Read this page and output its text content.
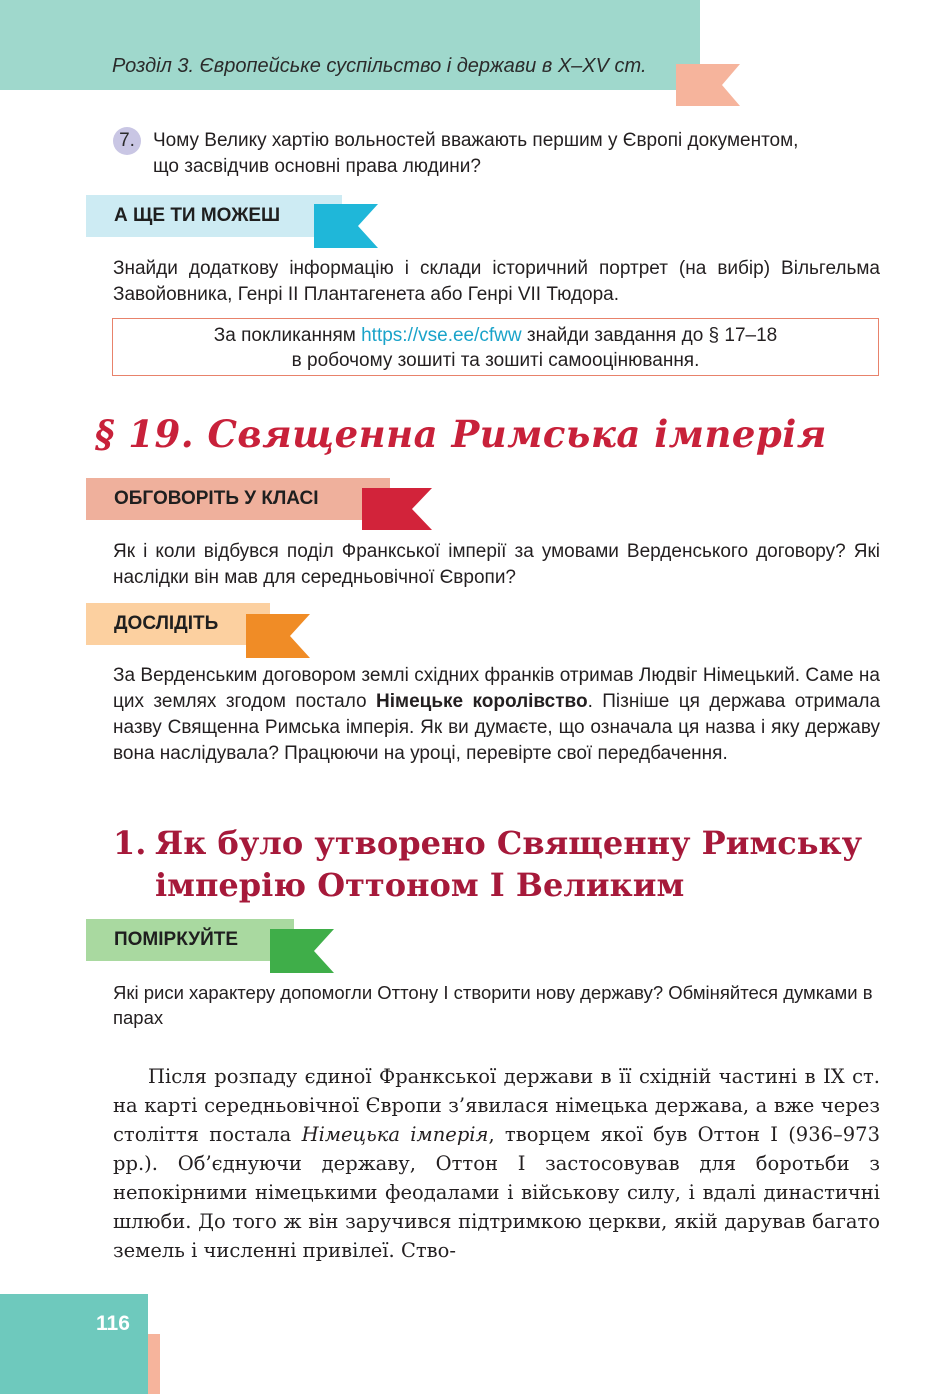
Розділ 3. Європейське суспільство і держави в X–XV ст.
7. Чому Велику хартію вольностей вважають першим у Європі документом,
що засвідчив основні права людини?
А ЩЕ ТИ МОЖЕШ
Знайди додаткову інформацію і склади історичний портрет (на вибір) Вільгельма Завойовника, Генрі ІІ Плантагенета або Генрі VII Тюдора.
За покликанням https://vse.ee/cfww знайди завдання до § 17–18
в робочому зошиті та зошиті самооцінювання.
§ 19. Священна Римська імперія
ОБГОВОРІТЬ У КЛАСІ
Як і коли відбувся поділ Франкської імперії за умовами Верденського договору? Які наслідки він мав для середньовічної Європи?
ДОСЛІДІТЬ
За Верденським договором землі східних франків отримав Людвіг Німецький. Саме на цих землях згодом постало Німецьке королівство. Пізніше ця держава отримала назву Священна Римська імперія. Як ви думаєте, що означала ця назва і яку державу вона наслідувала? Працюючи на уроці, перевірте свої передбачення.
1. Як було утворено Священну Римську
імперію Оттоном І Великим
ПОМІРКУЙТЕ
Які риси характеру допомогли Оттону І створити нову державу? Обміняйтеся думками в парах
Після розпаду єдиної Франкської держави в її східній частині в ІХ ст. на карті середньовічної Європи з’явилася німецька держава, а вже через століття постала Німецька імперія, творцем якої був Оттон І (936–973 рр.). Об’єднуючи державу, Оттон І застосовував для боротьби з непокірними німецькими феодалами і військову силу, і вдалі династичні шлюби. До того ж він заручився підтримкою церкви, якій дарував багато земель і численні привілеї. Ство-
116
